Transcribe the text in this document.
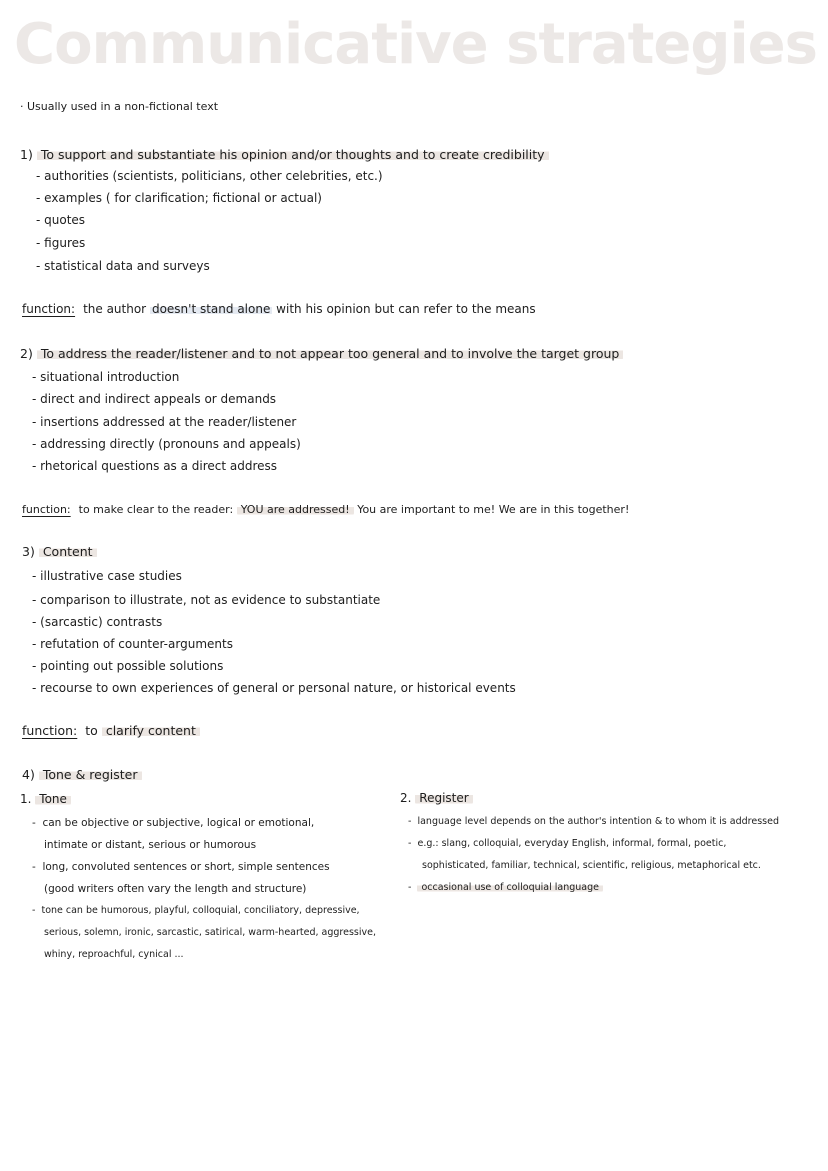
Communicative strategies
· Usually used in a non-fictional text
1) To support and substantiate his opinion and/or thoughts and to create credibility
- authorities (scientists, politicians, other celebrities, etc.)
- examples ( for clarification; fictional or actual)
- quotes
- figures
- statistical data and surveys
function: the author doesn't stand alone with his opinion but can refer to the means
2) To address the reader/listener and to not appear too general and to involve the target group
- situational introduction
- direct and indirect appeals or demands
- insertions addressed at the reader/listener
- addressing directly (pronouns and appeals)
- rhetorical questions as a direct address
function: to make clear to the reader: YOU are addressed! You are important to me! We are in this together!
3) Content
- illustrative case studies
- comparison to illustrate, not as evidence to substantiate
- (sarcastic) contrasts
- refutation of counter-arguments
- pointing out possible solutions
- recourse to own experiences of general or personal nature, or historical events
function: to clarify content
4) Tone & register
1. Tone
-  can be objective or subjective, logical or emotional,
intimate or distant, serious or humorous
-  long, convoluted sentences or short, simple sentences
(good writers often vary the length and structure)
-  tone can be humorous, playful, colloquial, conciliatory, depressive,
serious, solemn, ironic, sarcastic, satirical, warm-hearted, aggressive,
whiny, reproachful, cynical ...
2. Register
-  language level depends on the author's intention & to whom it is addressed
-  e.g.: slang, colloquial, everyday English, informal, formal, poetic,
sophisticated, familiar, technical, scientific, religious, metaphorical etc.
-  occasional use of colloquial language
